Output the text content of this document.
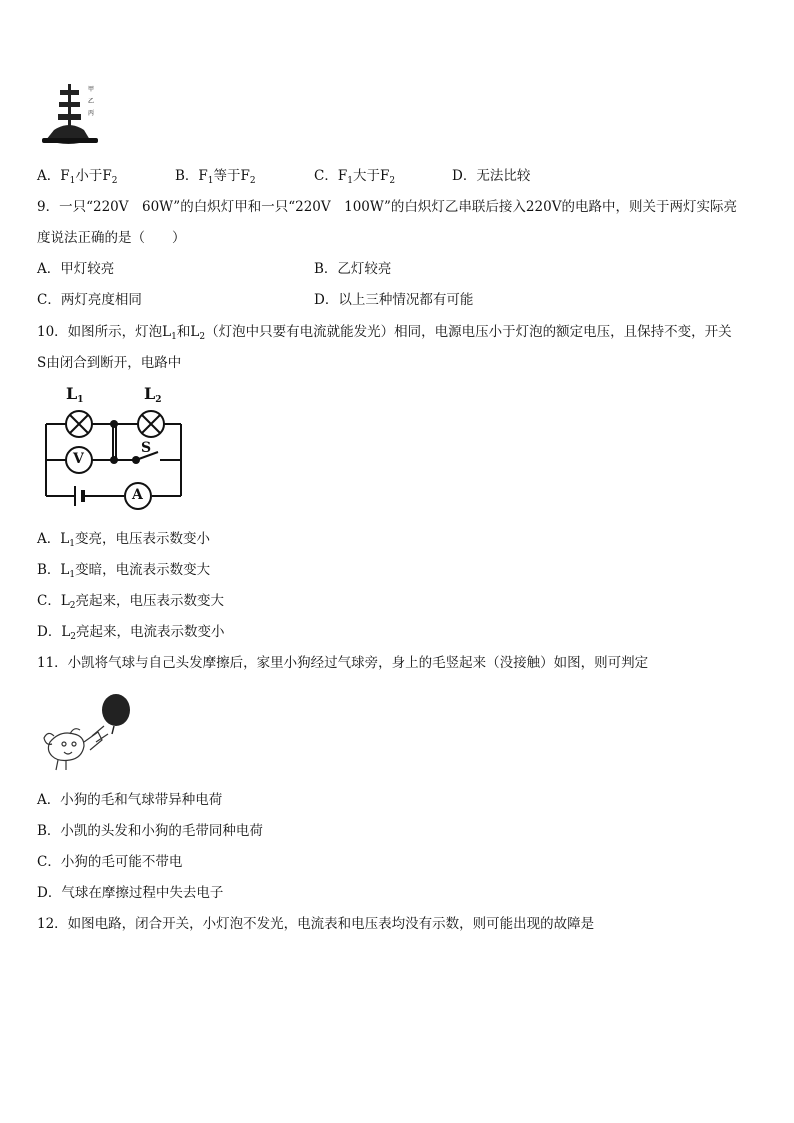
甲
乙
丙
A．$F_1$小于$F_2$	B．$F_1$等于$F_2$	C．$F_1$大于$F_2$	D．无法比较
9．一只“220V　60W”的白炽灯甲和一只“220V　100W”的白炽灯乙串联后接入220V的电路中，则关于两灯实际亮
度说法正确的是（　　）
A．甲灯较亮	B．乙灯较亮
C．两灯亮度相同	D．以上三种情况都有可能
10．如图所示，灯泡$L_1$和$L_2$（灯泡中只要有电流就能发光）相同，电源电压小于灯泡的额定电压，且保持不变，开关
S由闭合到断开，电路中
$L_1$	$L_2$
S
V
A
A．$L_1$变亮，电压表示数变小
B．$L_1$变暗，电流表示数变大
C．$L_2$亮起来，电压表示数变大
D．$L_2$亮起来，电流表示数变小
11．小凯将气球与自己头发摩擦后，家里小狗经过气球旁，身上的毛竖起来（没接触）如图，则可判定
A．小狗的毛和气球带异种电荷
B．小凯的头发和小狗的毛带同种电荷
C．小狗的毛可能不带电
D．气球在摩擦过程中失去电子
12．如图电路，闭合开关，小灯泡不发光，电流表和电压表均没有示数，则可能出现的故障是
